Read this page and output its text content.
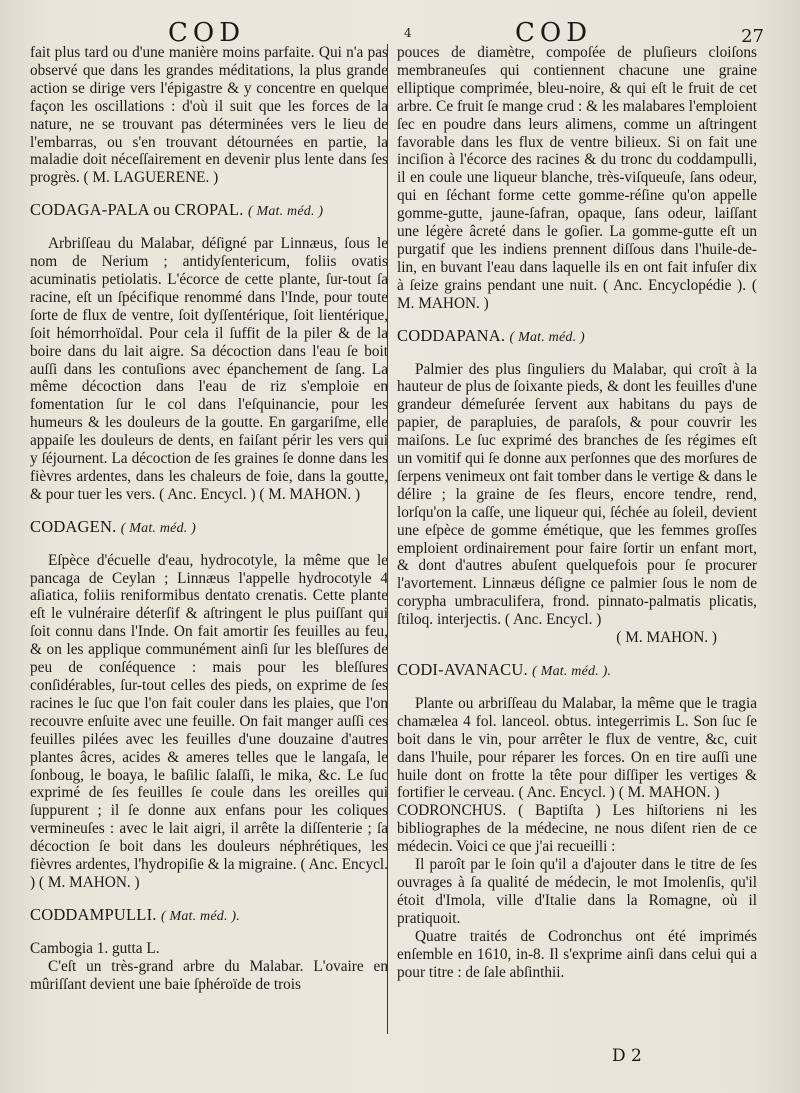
COD	4	COD	27

fait plus tard ou d'une manière moins parfaite. Qui n'a pas observé que dans les grandes méditations, la plus grande action se dirige vers l'épigastre & y concentre en quelque façon les oscillations : d'où il suit que les forces de la nature, ne se trouvant pas déterminées vers le lieu de l'embarras, ou s'en trouvant détournées en partie, la maladie doit néceſſairement en devenir plus lente dans ſes progrès. ( M. LAGUERENE. )

CODAGA-PALA ou CROPAL. ( Mat. méd. )

Arbriſſeau du Malabar, déſigné par Linnæus, ſous le nom de Nerium ; antidyſentericum, foliis ovatis acuminatis petiolatis. L'écorce de cette plante, ſur-tout ſa racine, eſt un ſpécifique renommé dans l'Inde, pour toute ſorte de flux de ventre, ſoit dyſſentérique, ſoit lientérique, ſoit hémorrhoïdal. Pour cela il ſuffit de la piler & de la boire dans du lait aigre. Sa décoction dans l'eau ſe boit auſſi dans les contuſions avec épanchement de ſang. La même décoction dans l'eau de riz s'emploie en fomentation ſur le col dans l'eſquinancie, pour les humeurs & les douleurs de la goutte. En gargariſme, elle appaiſe les douleurs de dents, en faiſant périr les vers qui y ſéjournent. La décoction de ſes graines ſe donne dans les fièvres ardentes, dans les chaleurs de foie, dans la goutte, & pour tuer les vers. ( Anc. Encycl. ) ( M. MAHON. )

CODAGEN. ( Mat. méd. )

Eſpèce d'écuelle d'eau, hydrocotyle, la même que le pancaga de Ceylan ; Linnæus l'appelle hydrocotyle 4 aſiatica, foliis reniformibus dentato crenatis. Cette plante eſt le vulnéraire déterſif & aſtringent le plus puiſſant qui ſoit connu dans l'Inde. On fait amortir ſes feuilles au feu, & on les applique communément ainſi ſur les bleſſures de peu de conſéquence : mais pour les bleſſures conſidérables, ſur-tout celles des pieds, on exprime de ſes racines le ſuc que l'on fait couler dans les plaies, que l'on recouvre enſuite avec une feuille. On fait manger auſſi ces feuilles pilées avec les feuilles d'une douzaine d'autres plantes âcres, acides & ameres telles que le langaſa, le ſonboug, le boaya, le baſilic ſalaſſi, le mika, &c. Le ſuc exprimé de ſes feuilles ſe coule dans les oreilles qui ſuppurent ; il ſe donne aux enfans pour les coliques vermineuſes : avec le lait aigri, il arrête la diſſenterie ; ſa décoction ſe boit dans les douleurs néphrétiques, les fièvres ardentes, l'hydropiſie & la migraine. ( Anc. Encycl. ) ( M. MAHON. )

CODDAMPULLI. ( Mat. méd. ).

Cambogia 1. gutta L.

C'eſt un très-grand arbre du Malabar. L'ovaire en mûriſſant devient une baie ſphéroïde de trois

pouces de diamètre, compoſée de pluſieurs cloiſons membraneuſes qui contiennent chacune une graine elliptique comprimée, bleu-noire, & qui eſt le fruit de cet arbre. Ce fruit ſe mange crud : & les malabares l'emploient ſec en poudre dans leurs alimens, comme un aſtringent favorable dans les flux de ventre bilieux. Si on fait une inciſion à l'écorce des racines & du tronc du coddampulli, il en coule une liqueur blanche, très-viſqueuſe, ſans odeur, qui en ſéchant forme cette gomme-réſine qu'on appelle gomme-gutte, jaune-ſafran, opaque, ſans odeur, laiſſant une légère âcreté dans le goſier. La gomme-gutte eſt un purgatif que les indiens prennent diſſous dans l'huile-de-lin, en buvant l'eau dans laquelle ils en ont fait infuſer dix à ſeize grains pendant une nuit. ( Anc. Encyclopédie ). ( M. MAHON. )

CODDAPANA. ( Mat. méd. )

Palmier des plus ſinguliers du Malabar, qui croît à la hauteur de plus de ſoixante pieds, & dont les feuilles d'une grandeur démeſurée ſervent aux habitans du pays de papier, de parapluies, de paraſols, & pour couvrir les maiſons. Le ſuc exprimé des branches de ſes régimes eſt un vomitif qui ſe donne aux perſonnes que des morſures de ſerpens venimeux ont fait tomber dans le vertige & dans le délire ; la graine de ſes fleurs, encore tendre, rend, lorſqu'on la caſſe, une liqueur qui, ſéchée au ſoleil, devient une eſpèce de gomme émétique, que les femmes groſſes emploient ordinairement pour faire ſortir un enfant mort, & dont d'autres abuſent quelquefois pour ſe procurer l'avortement. Linnæus déſigne ce palmier ſous le nom de corypha umbraculifera, frond. pinnato-palmatis plicatis, ſtiloq. interjectis. ( Anc. Encycl. )

( M. MAHON. )

CODI-AVANACU. ( Mat. méd. ).

Plante ou arbriſſeau du Malabar, la même que le tragia chamælea 4 fol. lanceol. obtus. integerrimis L. Son ſuc ſe boit dans le vin, pour arrêter le flux de ventre, &c, cuit dans l'huile, pour réparer les forces. On en tire auſſi une huile dont on frotte la tête pour diſſiper les vertiges & fortifier le cerveau. ( Anc. Encycl. ) ( M. MAHON. )

CODRONCHUS. ( Baptiſta ) Les hiſtoriens ni les bibliographes de la médecine, ne nous diſent rien de ce médecin. Voici ce que j'ai recueilli :

Il paroît par le ſoin qu'il a d'ajouter dans le titre de ſes ouvrages à ſa qualité de médecin, le mot Imolenſis, qu'il étoit d'Imola, ville d'Italie dans la Romagne, où il pratiquoit.

Quatre traités de Codronchus ont été imprimés enſemble en 1610, in-8. Il s'exprime ainſi dans celui qui a pour titre : de ſale abſinthii.

D 2
